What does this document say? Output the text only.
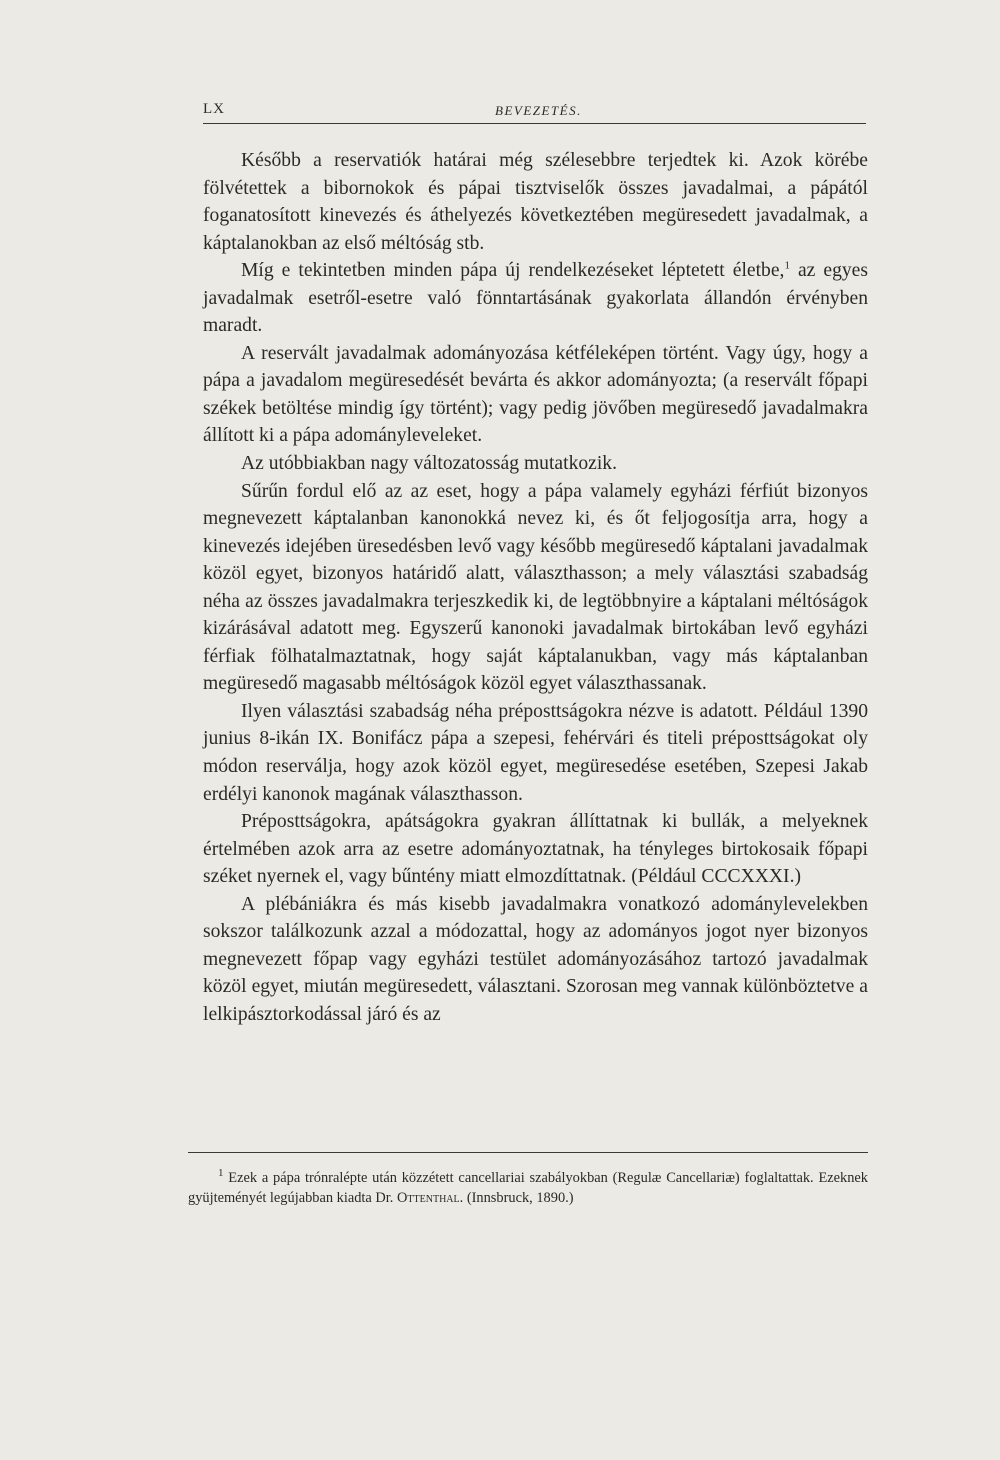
LX	BEVEZETÉS.

Később a reservatiók határai még szélesebbre terjedtek ki. Azok körébe fölvétettek a bibornokok és pápai tisztviselők összes javadalmai, a pápától foganatosított kinevezés és áthelyezés következtében megüresedett javadalmak, a káptalanokban az első méltóság stb.

Míg e tekintetben minden pápa új rendelkezéseket léptetett életbe,$^1$ az egyes javadalmak esetről-esetre való fönntartásának gyakorlata állandón érvényben maradt.

A reservált javadalmak adományozása kétféleképen történt. Vagy úgy, hogy a pápa a javadalom megüresedését bevárta és akkor adományozta; (a reservált főpapi székek betöltése mindig így történt); vagy pedig jövőben megüresedő javadalmakra állított ki a pápa adományleveleket.

Az utóbbiakban nagy változatosság mutatkozik.

Sűrűn fordul elő az az eset, hogy a pápa valamely egyházi férfiút bizonyos megnevezett káptalanban kanonokká nevez ki, és őt feljogosítja arra, hogy a kinevezés idejében üresedésben levő vagy később megüresedő káptalani javadalmak közöl egyet, bizonyos határidő alatt, választhasson; a mely választási szabadság néha az összes javadalmakra terjeszkedik ki, de legtöbbnyire a káptalani méltóságok kizárásával adatott meg. Egyszerű kanonoki javadalmak birtokában levő egyházi férfiak fölhatalmaztatnak, hogy saját káptalanukban, vagy más káptalanban megüresedő magasabb méltóságok közöl egyet választhassanak.

Ilyen választási szabadság néha préposttságokra nézve is adatott. Például 1390 junius 8-ikán IX. Bonifácz pápa a szepesi, fehérvári és titeli préposttságokat oly módon reserválja, hogy azok közöl egyet, megüresedése esetében, Szepesi Jakab erdélyi kanonok magának választhasson.

Préposttságokra, apátságokra gyakran állíttatnak ki bullák, a melyeknek értelmében azok arra az esetre adományoztatnak, ha tényleges birtokosaik főpapi széket nyernek el, vagy bűntény miatt elmozdíttatnak. (Például CCCXXXI.)

A plébániákra és más kisebb javadalmakra vonatkozó adománylevelekben sokszor találkozunk azzal a módozattal, hogy az adományos jogot nyer bizonyos megnevezett főpap vagy egyházi testület adományozásához tartozó javadalmak közöl egyet, miután megüresedett, választani. Szorosan meg vannak különböztetve a lelkipásztorkodással járó és az

$^1$ Ezek a pápa trónralépte után közzétett cancellariai szabályokban (Regulæ Cancellariæ) foglaltattak. Ezeknek gyüjteményét legújabban kiadta Dr. Ottenthal. (Innsbruck, 1890.)
